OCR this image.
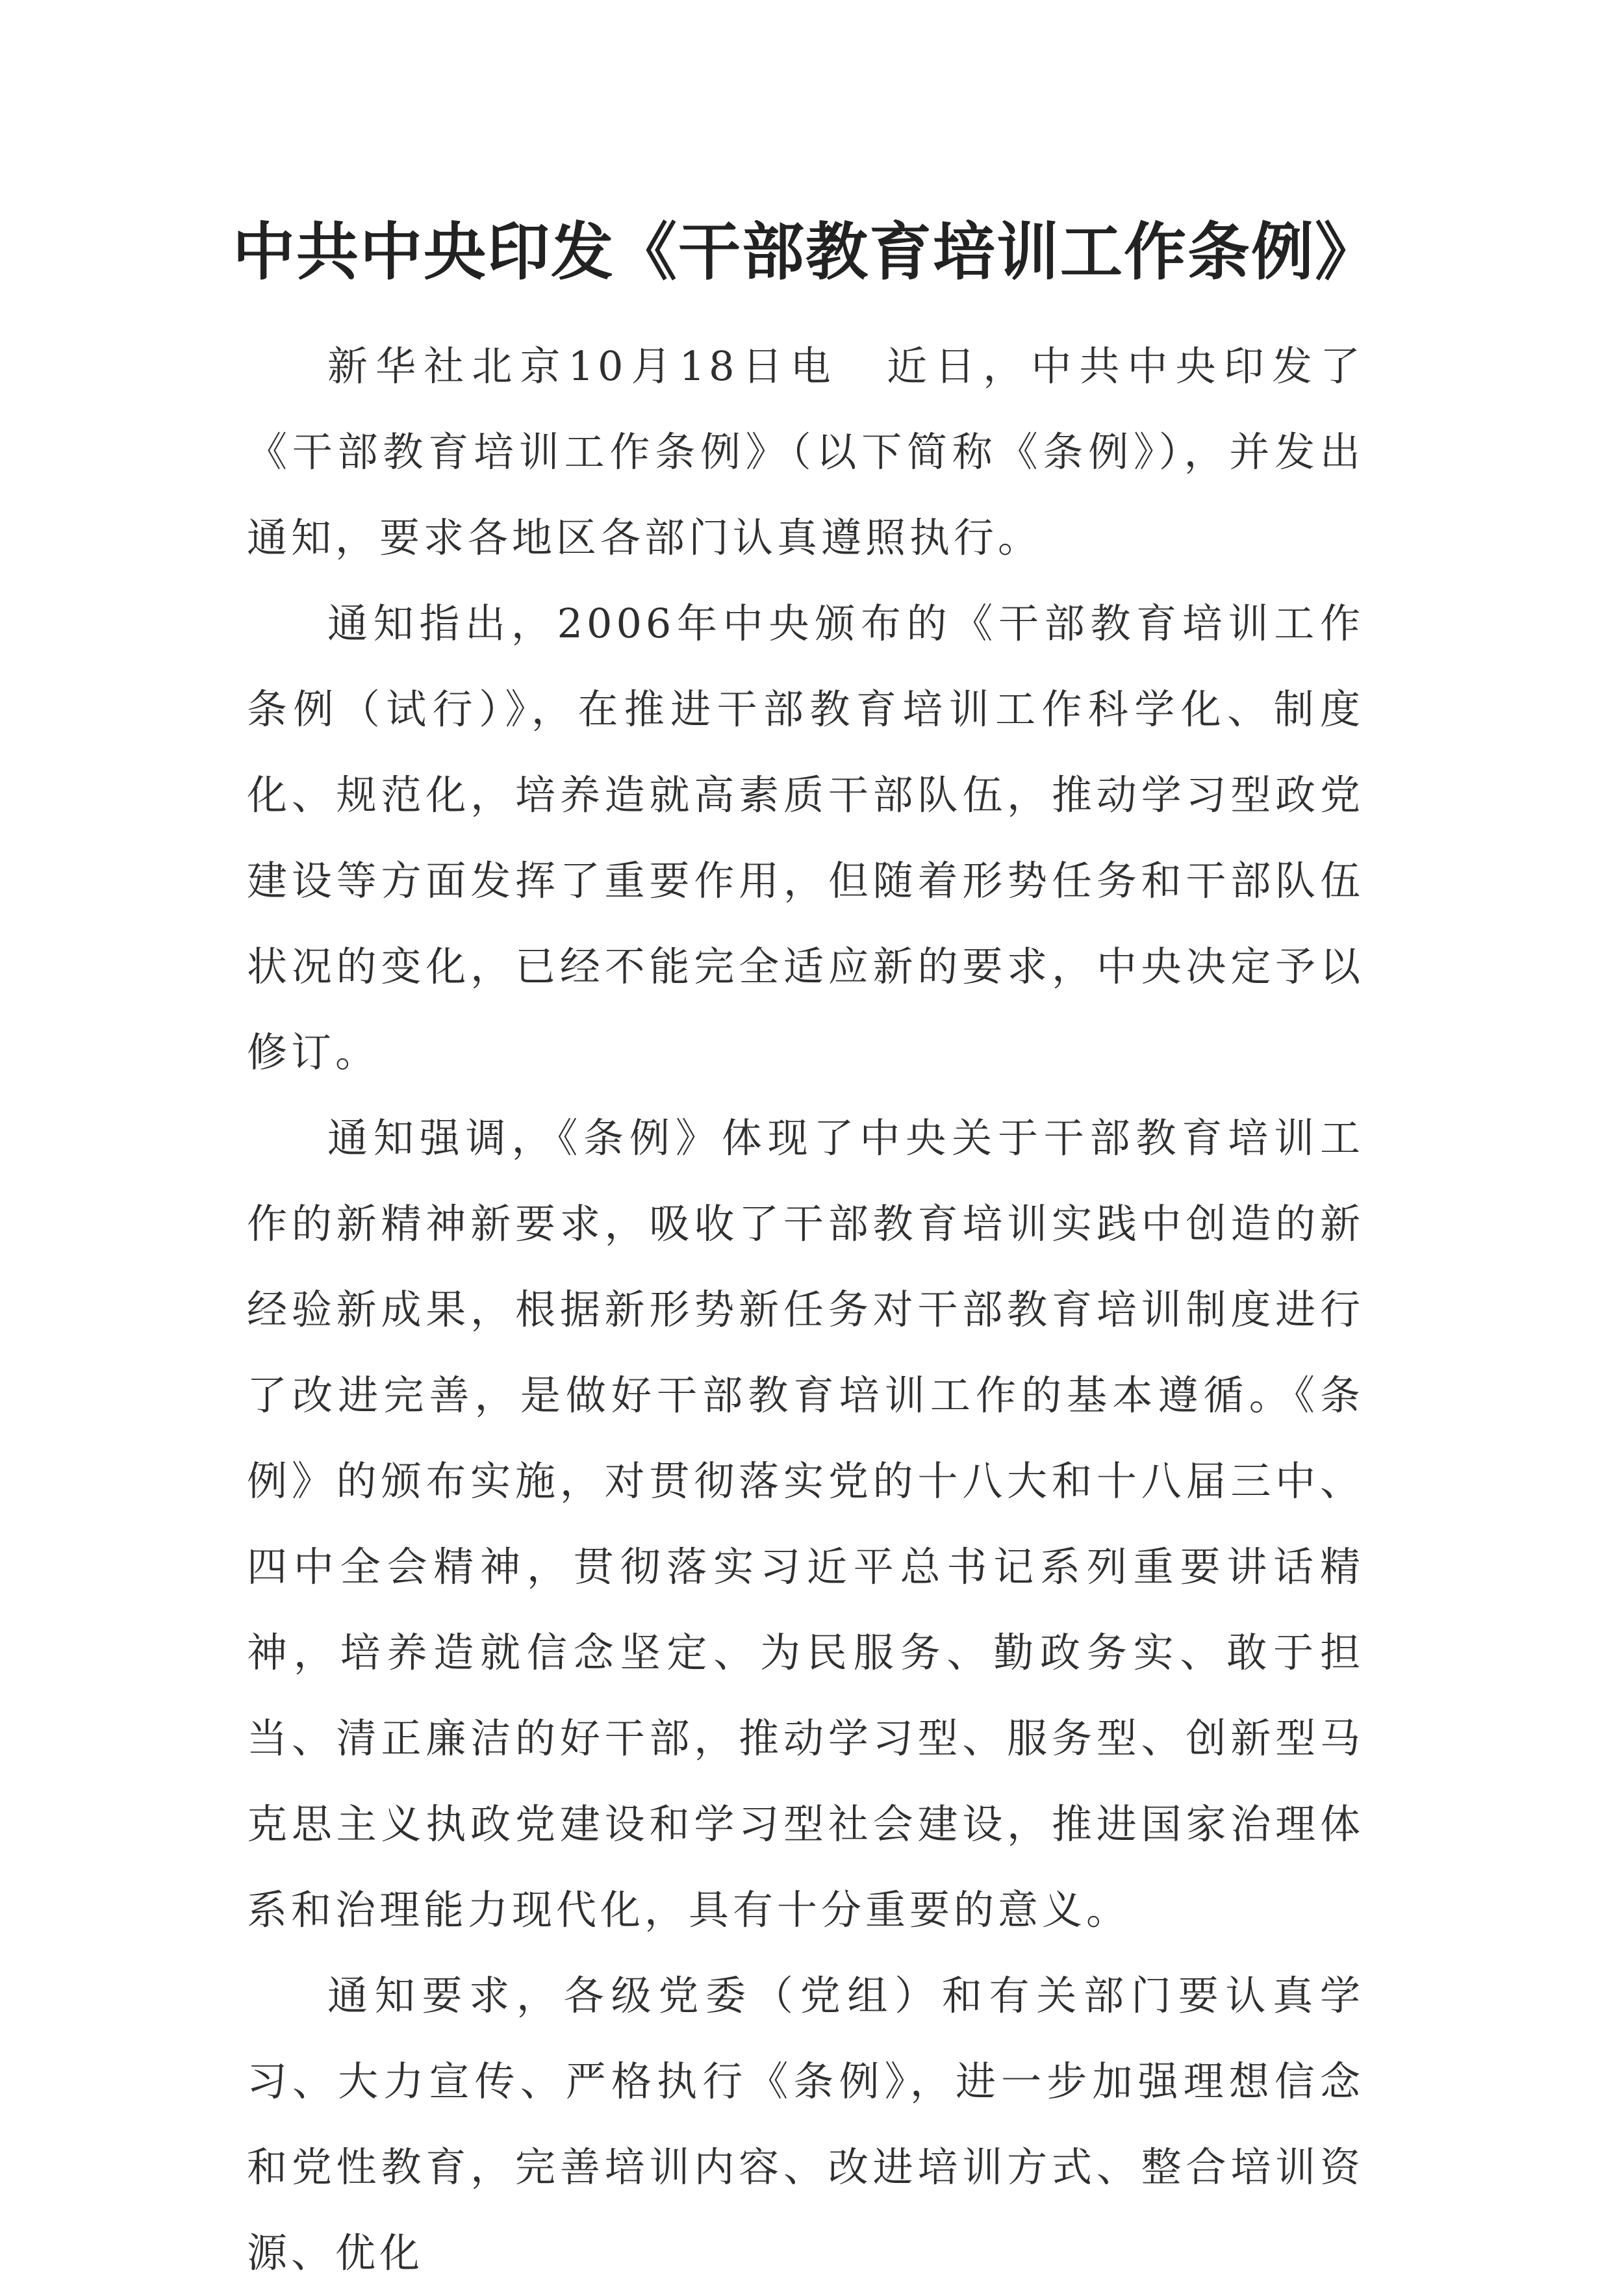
中共中央印发《干部教育培训工作条例》

新华社北京10月18日电　近日，中共中央印发了《干部教育培训工作条例》（以下简称《条例》），并发出通知，要求各地区各部门认真遵照执行。

通知指出，2006年中央颁布的《干部教育培训工作条例（试行）》，在推进干部教育培训工作科学化、制度化、规范化，培养造就高素质干部队伍，推动学习型政党建设等方面发挥了重要作用，但随着形势任务和干部队伍状况的变化，已经不能完全适应新的要求，中央决定予以修订。

通知强调，《条例》体现了中央关于干部教育培训工作的新精神新要求，吸收了干部教育培训实践中创造的新经验新成果，根据新形势新任务对干部教育培训制度进行了改进完善，是做好干部教育培训工作的基本遵循。《条例》的颁布实施，对贯彻落实党的十八大和十八届三中、四中全会精神，贯彻落实习近平总书记系列重要讲话精神，培养造就信念坚定、为民服务、勤政务实、敢于担当、清正廉洁的好干部，推动学习型、服务型、创新型马克思主义执政党建设和学习型社会建设，推进国家治理体系和治理能力现代化，具有十分重要的意义。

通知要求，各级党委（党组）和有关部门要认真学习、大力宣传、严格执行《条例》，进一步加强理想信念和党性教育，完善培训内容、改进培训方式、整合培训资源、优化
